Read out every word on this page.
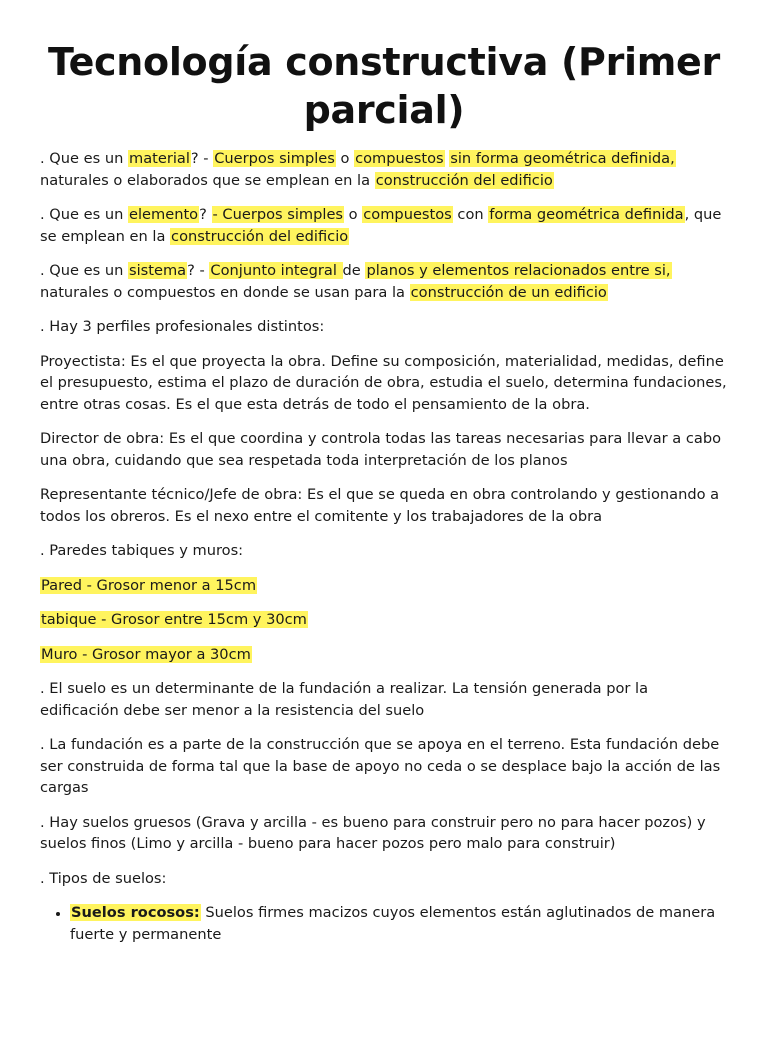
Tecnología constructiva (Primer parcial)

. Que es un material? - Cuerpos simples o compuestos sin forma geométrica definida, naturales o elaborados que se emplean en la construcción del edificio

. Que es un elemento? - Cuerpos simples o compuestos con forma geométrica definida, que se emplean en la construcción del edificio

. Que es un sistema? - Conjunto integral de planos y elementos relacionados entre si, naturales o compuestos en donde se usan para la construcción de un edificio

. Hay 3 perfiles profesionales distintos:

Proyectista: Es el que proyecta la obra. Define su composición, materialidad, medidas, define el presupuesto, estima el plazo de duración de obra, estudia el suelo, determina fundaciones, entre otras cosas. Es el que esta detrás de todo el pensamiento de la obra.

Director de obra: Es el que coordina y controla todas las tareas necesarias para llevar a cabo una obra, cuidando que sea respetada toda interpretación de los planos

Representante técnico/Jefe de obra: Es el que se queda en obra controlando y gestionando a todos los obreros. Es el nexo entre el comitente y los trabajadores de la obra

. Paredes tabiques y muros:

Pared - Grosor menor a 15cm

tabique - Grosor entre 15cm y 30cm

Muro - Grosor mayor a 30cm

. El suelo es un determinante de la fundación a realizar. La tensión generada por la edificación debe ser menor a la resistencia del suelo

. La fundación es a parte de la construcción que se apoya en el terreno. Esta fundación debe ser construida de forma tal que la base de apoyo no ceda o se desplace bajo la acción de las cargas

. Hay suelos gruesos (Grava y arcilla - es bueno para construir pero no para hacer pozos) y suelos finos (Limo y arcilla - bueno para hacer pozos pero malo para construir)

. Tipos de suelos:

• Suelos rocosos: Suelos firmes macizos cuyos elementos están aglutinados de manera fuerte y permanente
